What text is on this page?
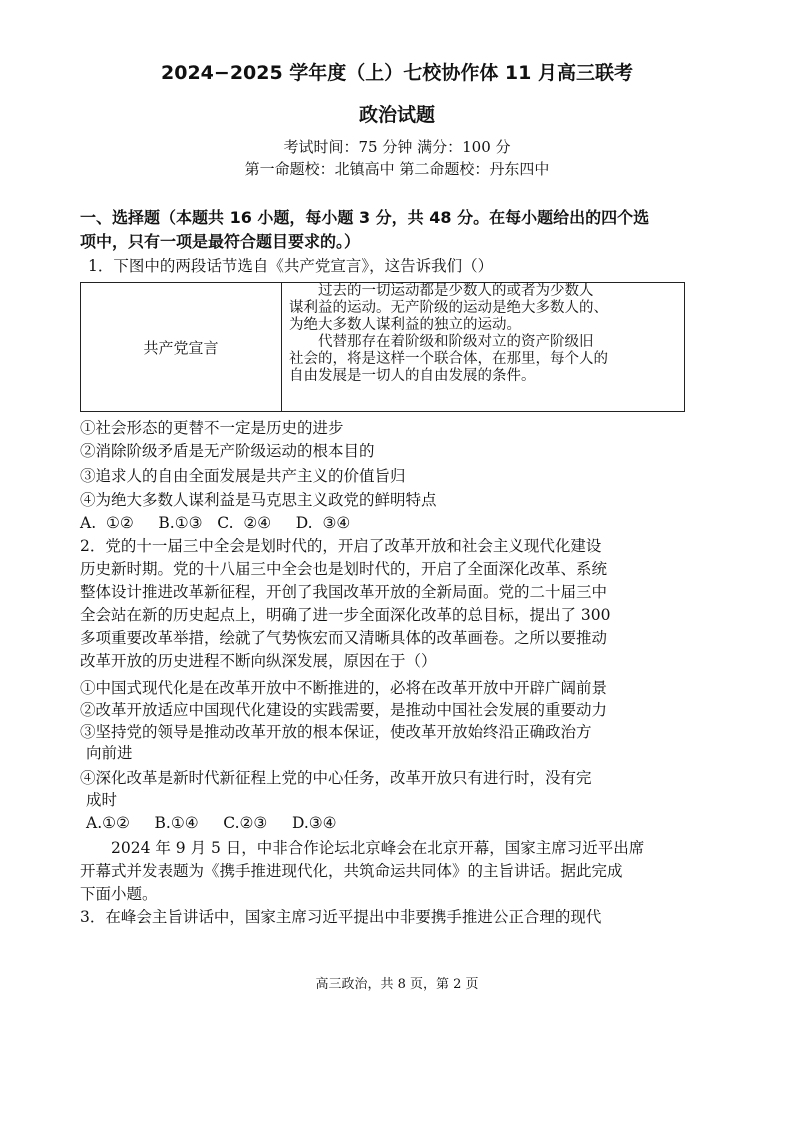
2024−2025 学年度（上）七校协作体 11 月高三联考
政治试题
考试时间：75 分钟 满分：100 分
第一命题校：北镇高中 第二命题校：丹东四中
一、选择题（本题共 16 小题，每小题 3 分，共 48 分。在每小题给出的四个选
项中，只有一项是最符合题目要求的。）
1．下图中的两段话节选自《共产党宣言》，这告诉我们（）
共产党宣言
　　过去的一切运动都是少数人的或者为少数人
谋利益的运动。无产阶级的运动是绝大多数人的、
为绝大多数人谋利益的独立的运动。
　　代替那存在着阶级和阶级对立的资产阶级旧
社会的，将是这样一个联合体，在那里，每个人的
自由发展是一切人的自由发展的条件。
①社会形态的更替不一定是历史的进步
②消除阶级矛盾是无产阶级运动的根本目的
③追求人的自由全面发展是共产主义的价值旨归
④为绝大多数人谋利益是马克思主义政党的鲜明特点
A.  ①②     B.①③   C.  ②④     D.  ③④
2．党的十一届三中全会是划时代的，开启了改革开放和社会主义现代化建设
历史新时期。党的十八届三中全会也是划时代的，开启了全面深化改革、系统
整体设计推进改革新征程，开创了我国改革开放的全新局面。党的二十届三中
全会站在新的历史起点上，明确了进一步全面深化改革的总目标，提出了 300
多项重要改革举措，绘就了气势恢宏而又清晰具体的改革画卷。之所以要推动
改革开放的历史进程不断向纵深发展，原因在于（）
①中国式现代化是在改革开放中不断推进的，必将在改革开放中开辟广阔前景
②改革开放适应中国现代化建设的实践需要，是推动中国社会发展的重要动力
③坚持党的领导是推动改革开放的根本保证，使改革开放始终沿正确政治方
向前进
④深化改革是新时代新征程上党的中心任务，改革开放只有进行时，没有完
成时
A.①②     B.①④     C.②③     D.③④
　　2024 年 9 月 5 日，中非合作论坛北京峰会在北京开幕，国家主席习近平出席
开幕式并发表题为《携手推进现代化，共筑命运共同体》的主旨讲话。据此完成
下面小题。
3．在峰会主旨讲话中，国家主席习近平提出中非要携手推进公正合理的现代
高三政治，共 8 页，第 2 页
